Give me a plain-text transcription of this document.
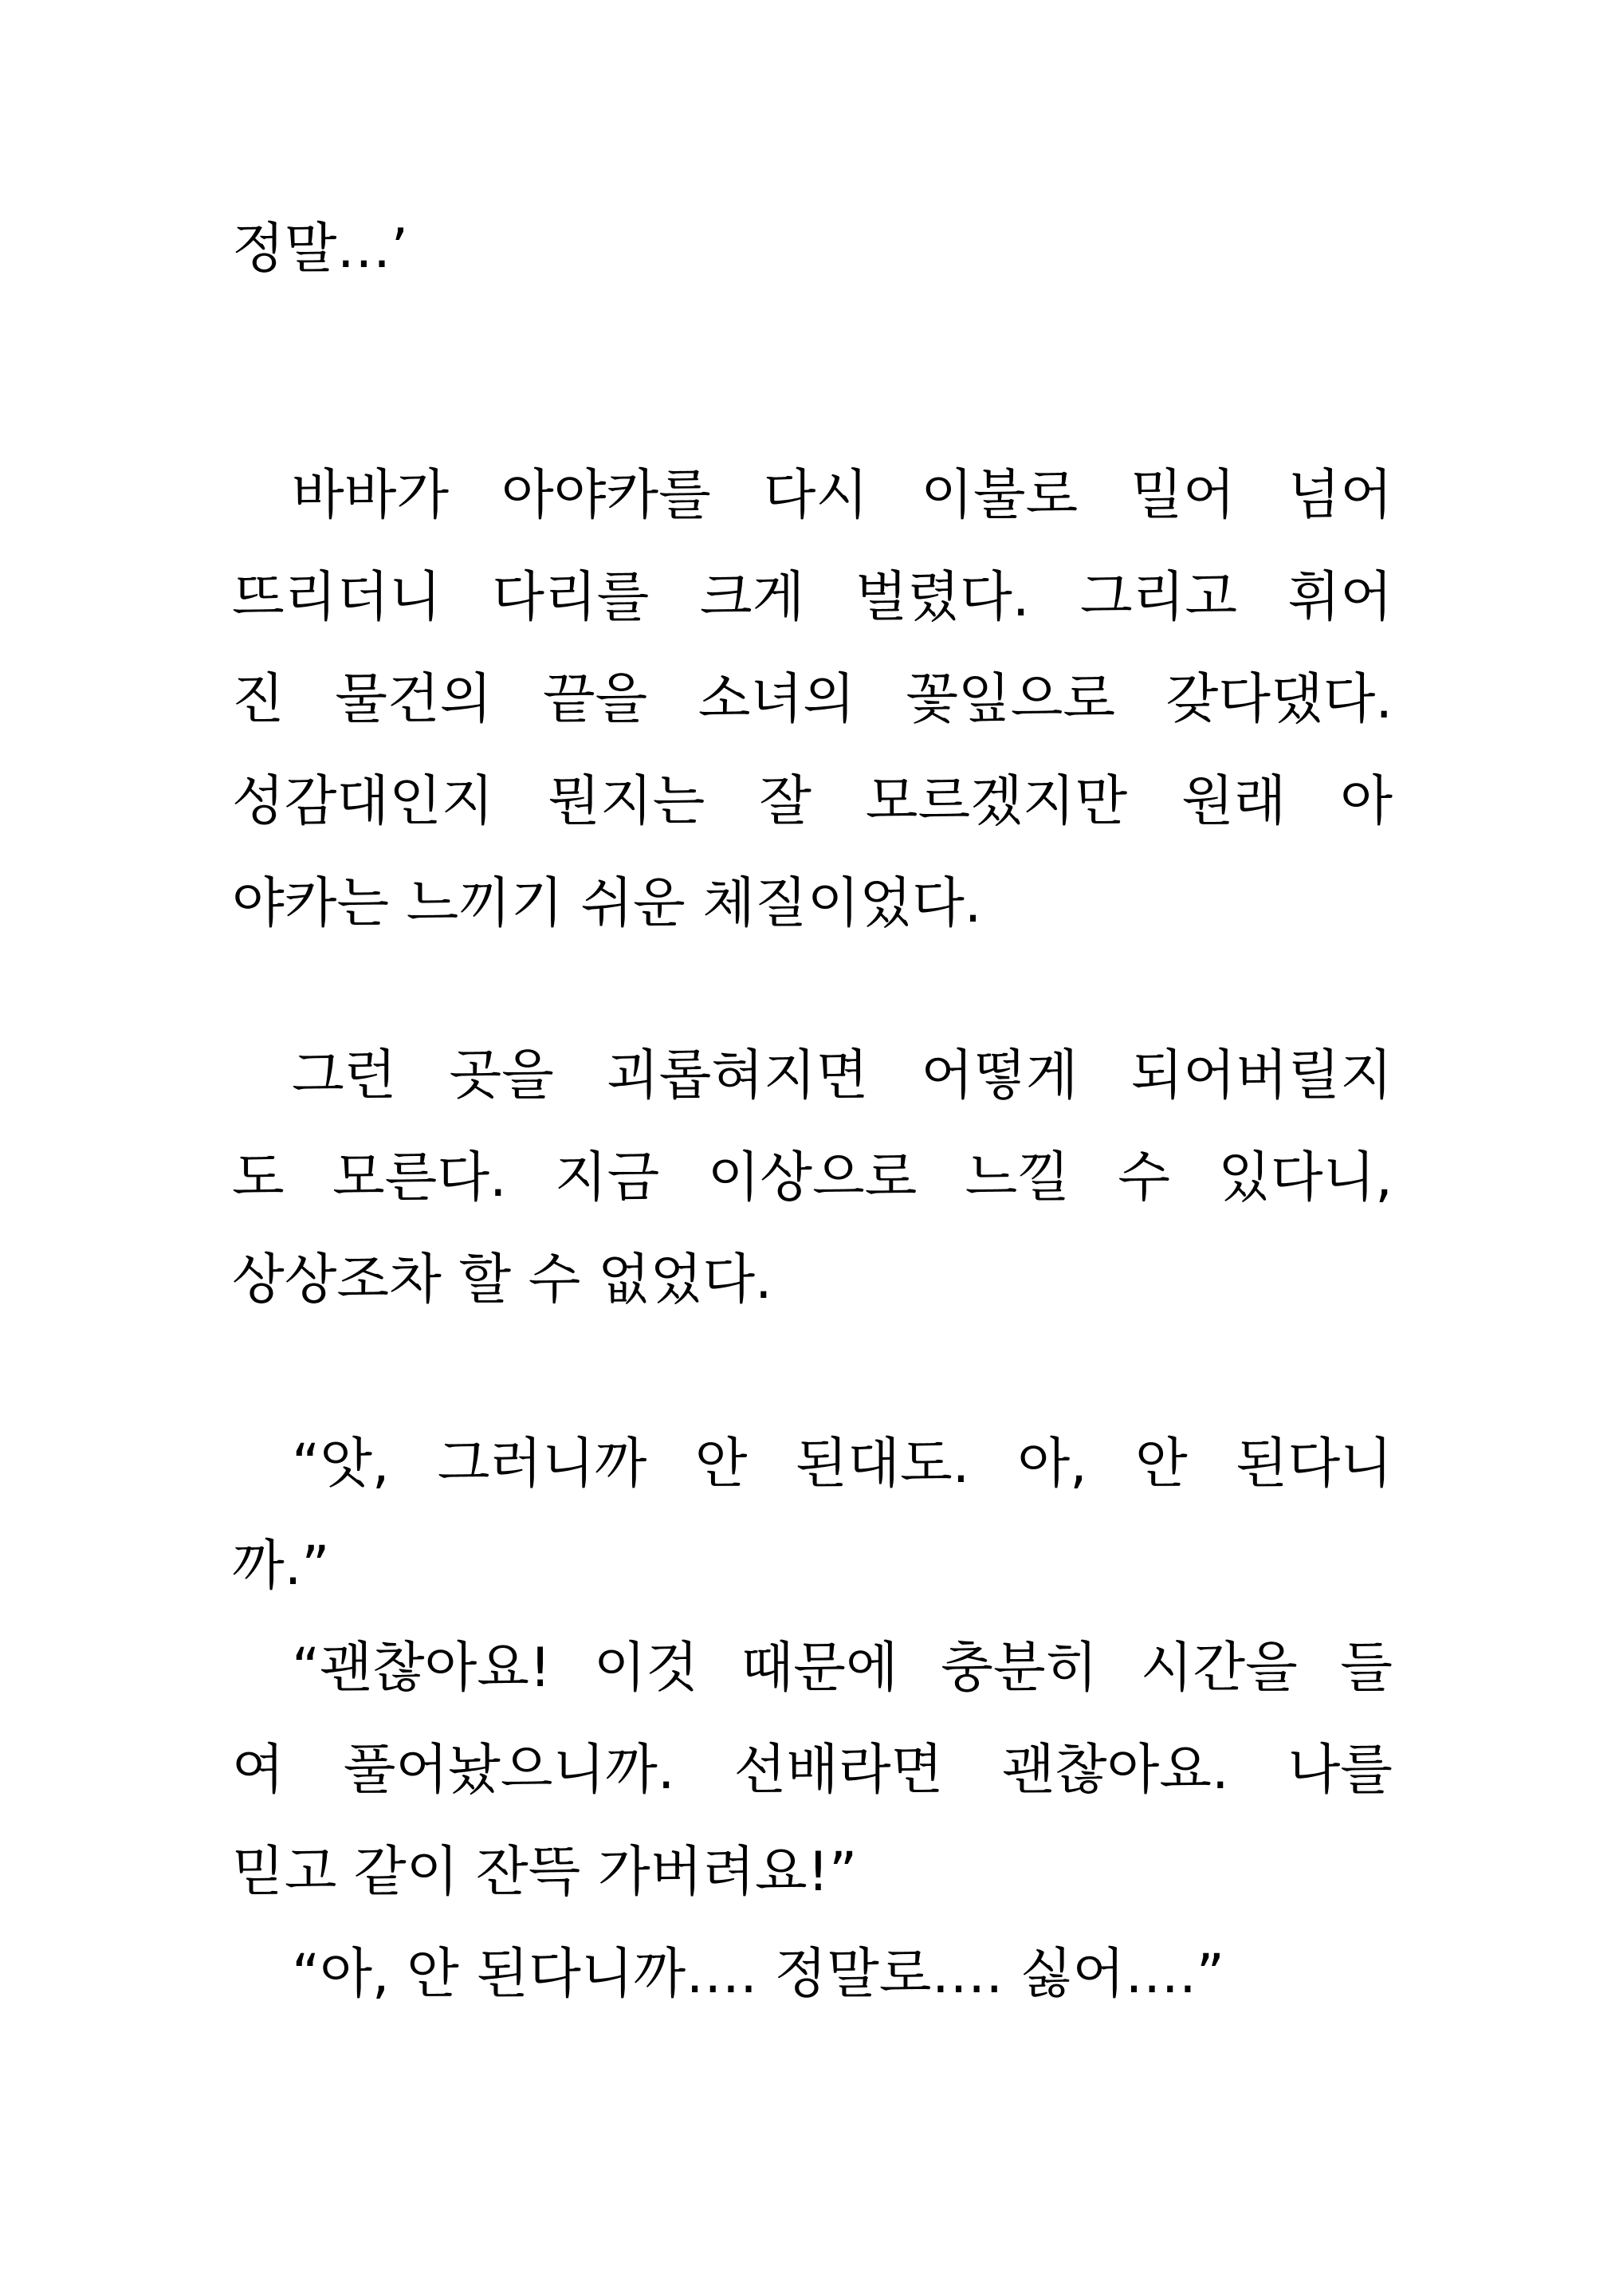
정말…’
바바가 아야카를 다시 이불로 밀어 넘어
뜨리더니 다리를 크게 벌렸다. 그리고 휘어
진 물건의 끝을 소녀의 꽃잎으로 갖다댔다.
성감대인지 뭔지는 잘 모르겠지만 원래 아
야카는 느끼기 쉬운 체질이었다.
그런 곳을 괴롭혀지면 어떻게 되어버릴지
도 모른다. 지금 이상으로 느낄 수 있다니,
상상조차 할 수 없었다.
“앗, 그러니까 안 된대도. 아, 안 된다니
까.”
“괜찮아요! 이것 때문에 충분히 시간을 들
여 풀어놨으니까. 선배라면 괜찮아요. 나를
믿고 같이 잔뜩 가버려요!”
“아, 안 된다니까…. 정말로…. 싫어….”
